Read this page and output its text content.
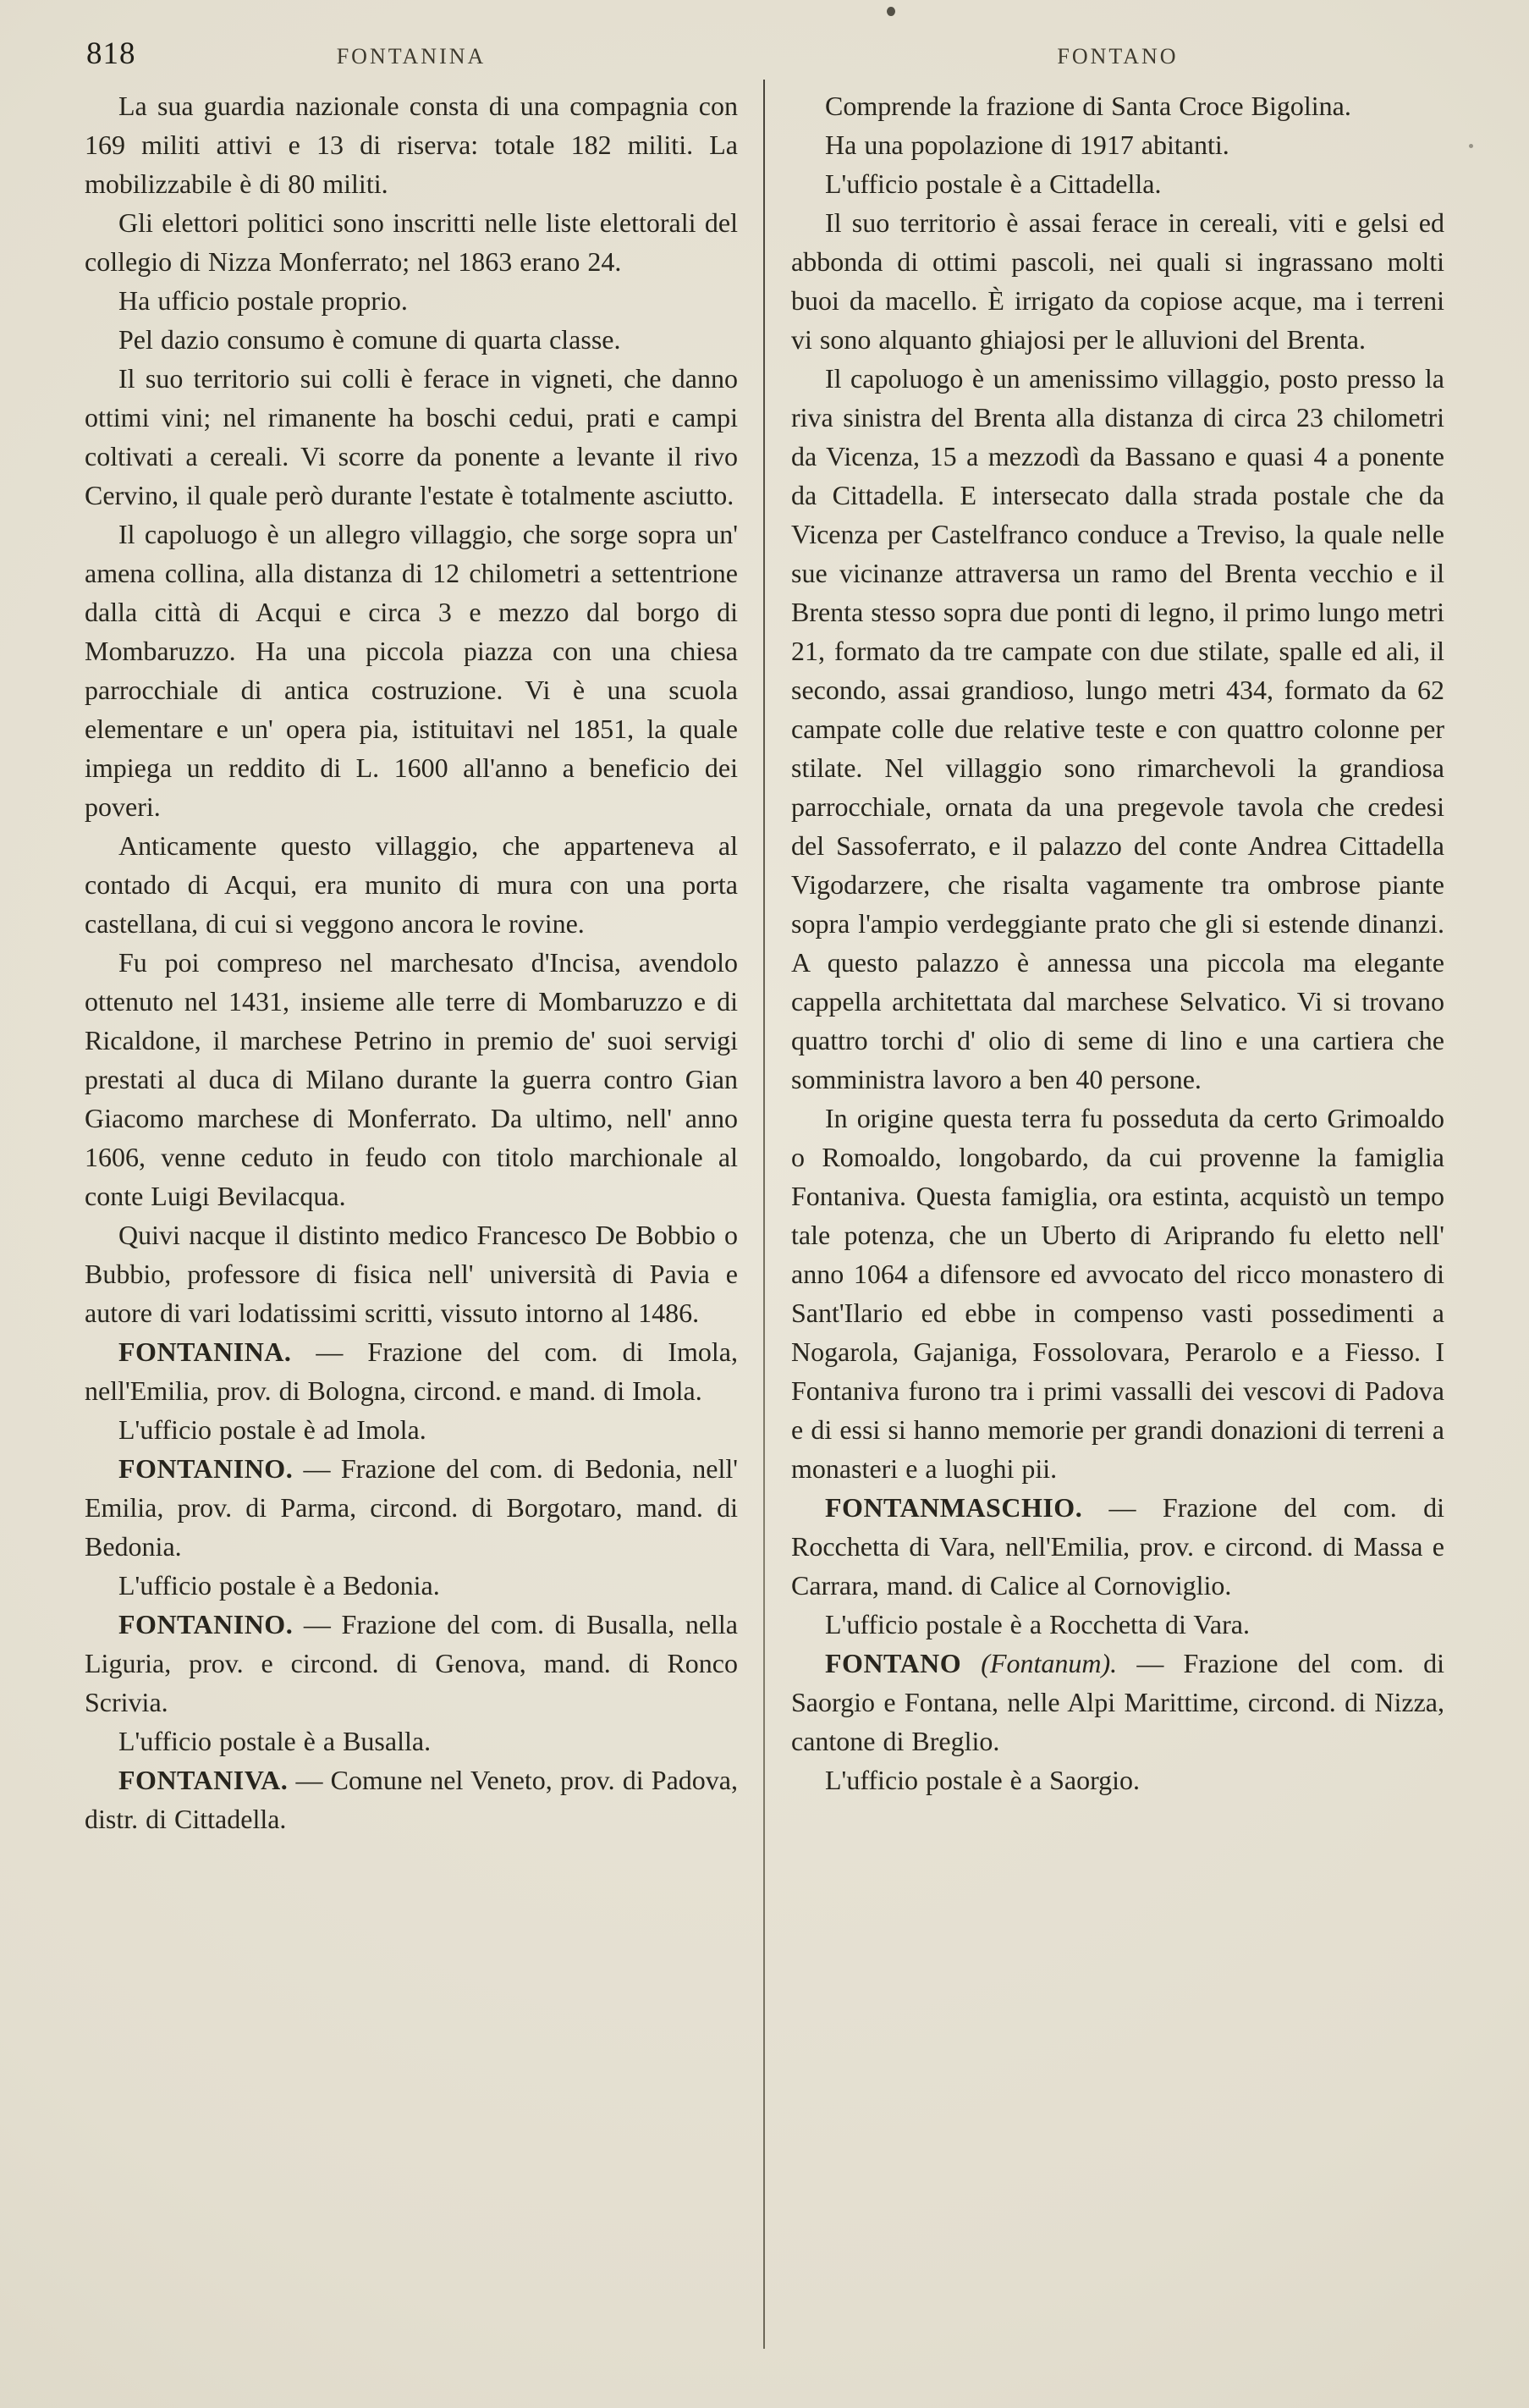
818	FONTANINA	FONTANO

La sua guardia nazionale consta di una compagnia con 169 militi attivi e 13 di riserva: totale 182 militi. La mobilizzabile è di 80 militi.

Gli elettori politici sono inscritti nelle liste elettorali del collegio di Nizza Monferrato; nel 1863 erano 24.

Ha ufficio postale proprio.

Pel dazio consumo è comune di quarta classe.

Il suo territorio sui colli è ferace in vigneti, che danno ottimi vini; nel rimanente ha boschi cedui, prati e campi coltivati a cereali. Vi scorre da ponente a levante il rivo Cervino, il quale però durante l'estate è totalmente asciutto.

Il capoluogo è un allegro villaggio, che sorge sopra un' amena collina, alla distanza di 12 chilometri a settentrione dalla città di Acqui e circa 3 e mezzo dal borgo di Mombaruzzo. Ha una piccola piazza con una chiesa parrocchiale di antica costruzione. Vi è una scuola elementare e un' opera pia, istituitavi nel 1851, la quale impiega un reddito di L. 1600 all'anno a beneficio dei poveri.

Anticamente questo villaggio, che apparteneva al contado di Acqui, era munito di mura con una porta castellana, di cui si veggono ancora le rovine.

Fu poi compreso nel marchesato d'Incisa, avendolo ottenuto nel 1431, insieme alle terre di Mombaruzzo e di Ricaldone, il marchese Petrino in premio de' suoi servigi prestati al duca di Milano durante la guerra contro Gian Giacomo marchese di Monferrato. Da ultimo, nell' anno 1606, venne ceduto in feudo con titolo marchionale al conte Luigi Bevilacqua.

Quivi nacque il distinto medico Francesco De Bobbio o Bubbio, professore di fisica nell' università di Pavia e autore di vari lodatissimi scritti, vissuto intorno al 1486.

FONTANINA. — Frazione del com. di Imola, nell'Emilia, prov. di Bologna, circond. e mand. di Imola.

L'ufficio postale è ad Imola.

FONTANINO. — Frazione del com. di Bedonia, nell' Emilia, prov. di Parma, circond. di Borgotaro, mand. di Bedonia.

L'ufficio postale è a Bedonia.

FONTANINO. — Frazione del com. di Busalla, nella Liguria, prov. e circond. di Genova, mand. di Ronco Scrivia.

L'ufficio postale è a Busalla.

FONTANIVA. — Comune nel Veneto, prov. di Padova, distr. di Cittadella.

Comprende la frazione di Santa Croce Bigolina.

Ha una popolazione di 1917 abitanti.

L'ufficio postale è a Cittadella.

Il suo territorio è assai ferace in cereali, viti e gelsi ed abbonda di ottimi pascoli, nei quali si ingrassano molti buoi da macello. È irrigato da copiose acque, ma i terreni vi sono alquanto ghiajosi per le alluvioni del Brenta.

Il capoluogo è un amenissimo villaggio, posto presso la riva sinistra del Brenta alla distanza di circa 23 chilometri da Vicenza, 15 a mezzodì da Bassano e quasi 4 a ponente da Cittadella. E intersecato dalla strada postale che da Vicenza per Castelfranco conduce a Treviso, la quale nelle sue vicinanze attraversa un ramo del Brenta vecchio e il Brenta stesso sopra due ponti di legno, il primo lungo metri 21, formato da tre campate con due stilate, spalle ed ali, il secondo, assai grandioso, lungo metri 434, formato da 62 campate colle due relative teste e con quattro colonne per stilate. Nel villaggio sono rimarchevoli la grandiosa parrocchiale, ornata da una pregevole tavola che credesi del Sassoferrato, e il palazzo del conte Andrea Cittadella Vigodarzere, che risalta vagamente tra ombrose piante sopra l'ampio verdeggiante prato che gli si estende dinanzi. A questo palazzo è annessa una piccola ma elegante cappella architettata dal marchese Selvatico. Vi si trovano quattro torchi d' olio di seme di lino e una cartiera che somministra lavoro a ben 40 persone.

In origine questa terra fu posseduta da certo Grimoaldo o Romoaldo, longobardo, da cui provenne la famiglia Fontaniva. Questa famiglia, ora estinta, acquistò un tempo tale potenza, che un Uberto di Ariprando fu eletto nell' anno 1064 a difensore ed avvocato del ricco monastero di Sant'Ilario ed ebbe in compenso vasti possedimenti a Nogarola, Gajaniga, Fossolovara, Perarolo e a Fiesso. I Fontaniva furono tra i primi vassalli dei vescovi di Padova e di essi si hanno memorie per grandi donazioni di terreni a monasteri e a luoghi pii.

FONTANMASCHIO. — Frazione del com. di Rocchetta di Vara, nell'Emilia, prov. e circond. di Massa e Carrara, mand. di Calice al Cornoviglio.

L'ufficio postale è a Rocchetta di Vara.

FONTANO (Fontanum). — Frazione del com. di Saorgio e Fontana, nelle Alpi Marittime, circond. di Nizza, cantone di Breglio.

L'ufficio postale è a Saorgio.
